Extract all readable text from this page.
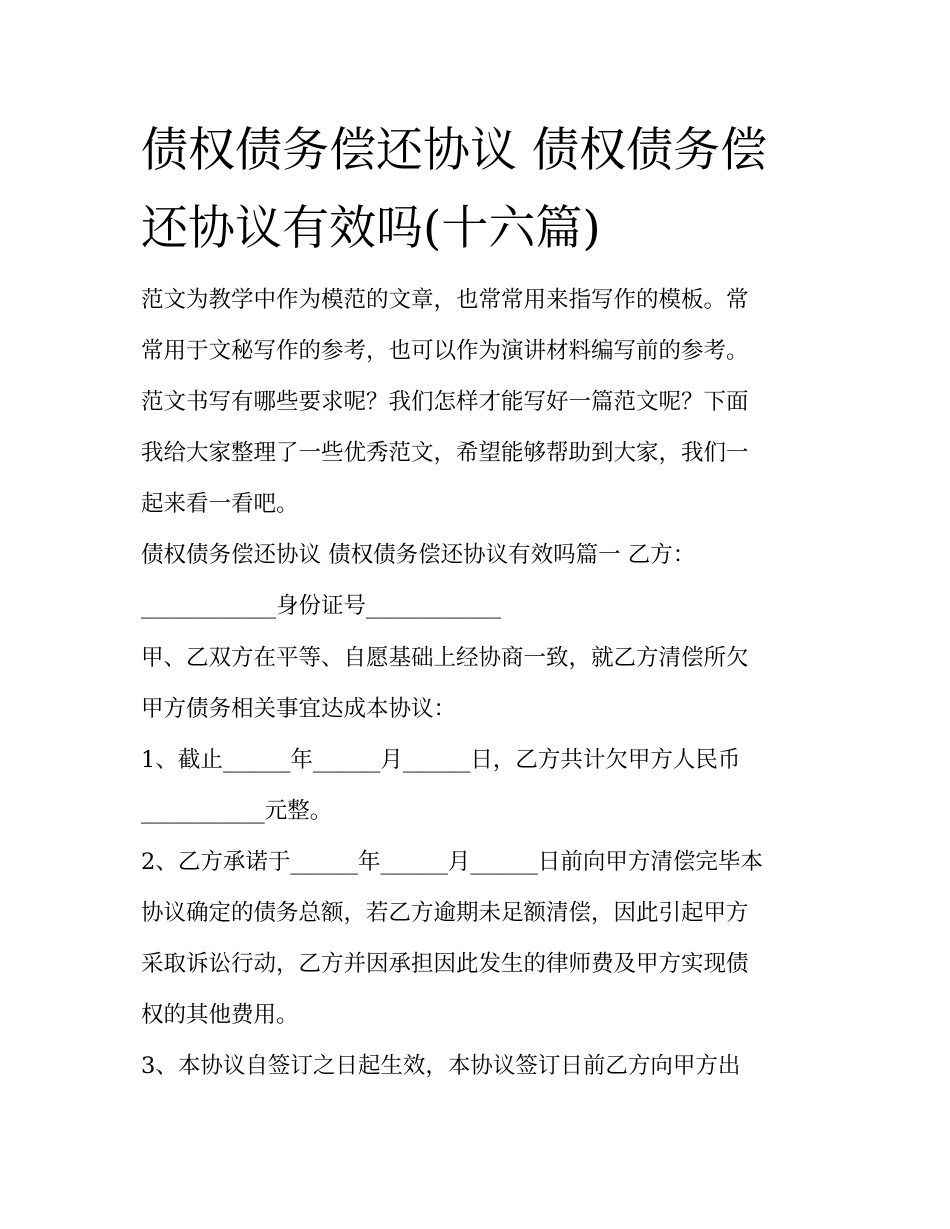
债权债务偿还协议 债权债务偿
还协议有效吗(十六篇)
范文为教学中作为模范的文章，也常常用来指写作的模板。常
常用于文秘写作的参考，也可以作为演讲材料编写前的参考。
范文书写有哪些要求呢？我们怎样才能写好一篇范文呢？下面
我给大家整理了一些优秀范文，希望能够帮助到大家，我们一
起来看一看吧。
债权债务偿还协议 债权债务偿还协议有效吗篇一 乙方：
____________身份证号____________
甲、乙双方在平等、自愿基础上经协商一致，就乙方清偿所欠
甲方债务相关事宜达成本协议：
1、截止______年______月______日，乙方共计欠甲方人民币
___________元整。
2、乙方承诺于______年______月______日前向甲方清偿完毕本
协议确定的债务总额，若乙方逾期未足额清偿，因此引起甲方
采取诉讼行动，乙方并因承担因此发生的律师费及甲方实现债
权的其他费用。
3、本协议自签订之日起生效，本协议签订日前乙方向甲方出
